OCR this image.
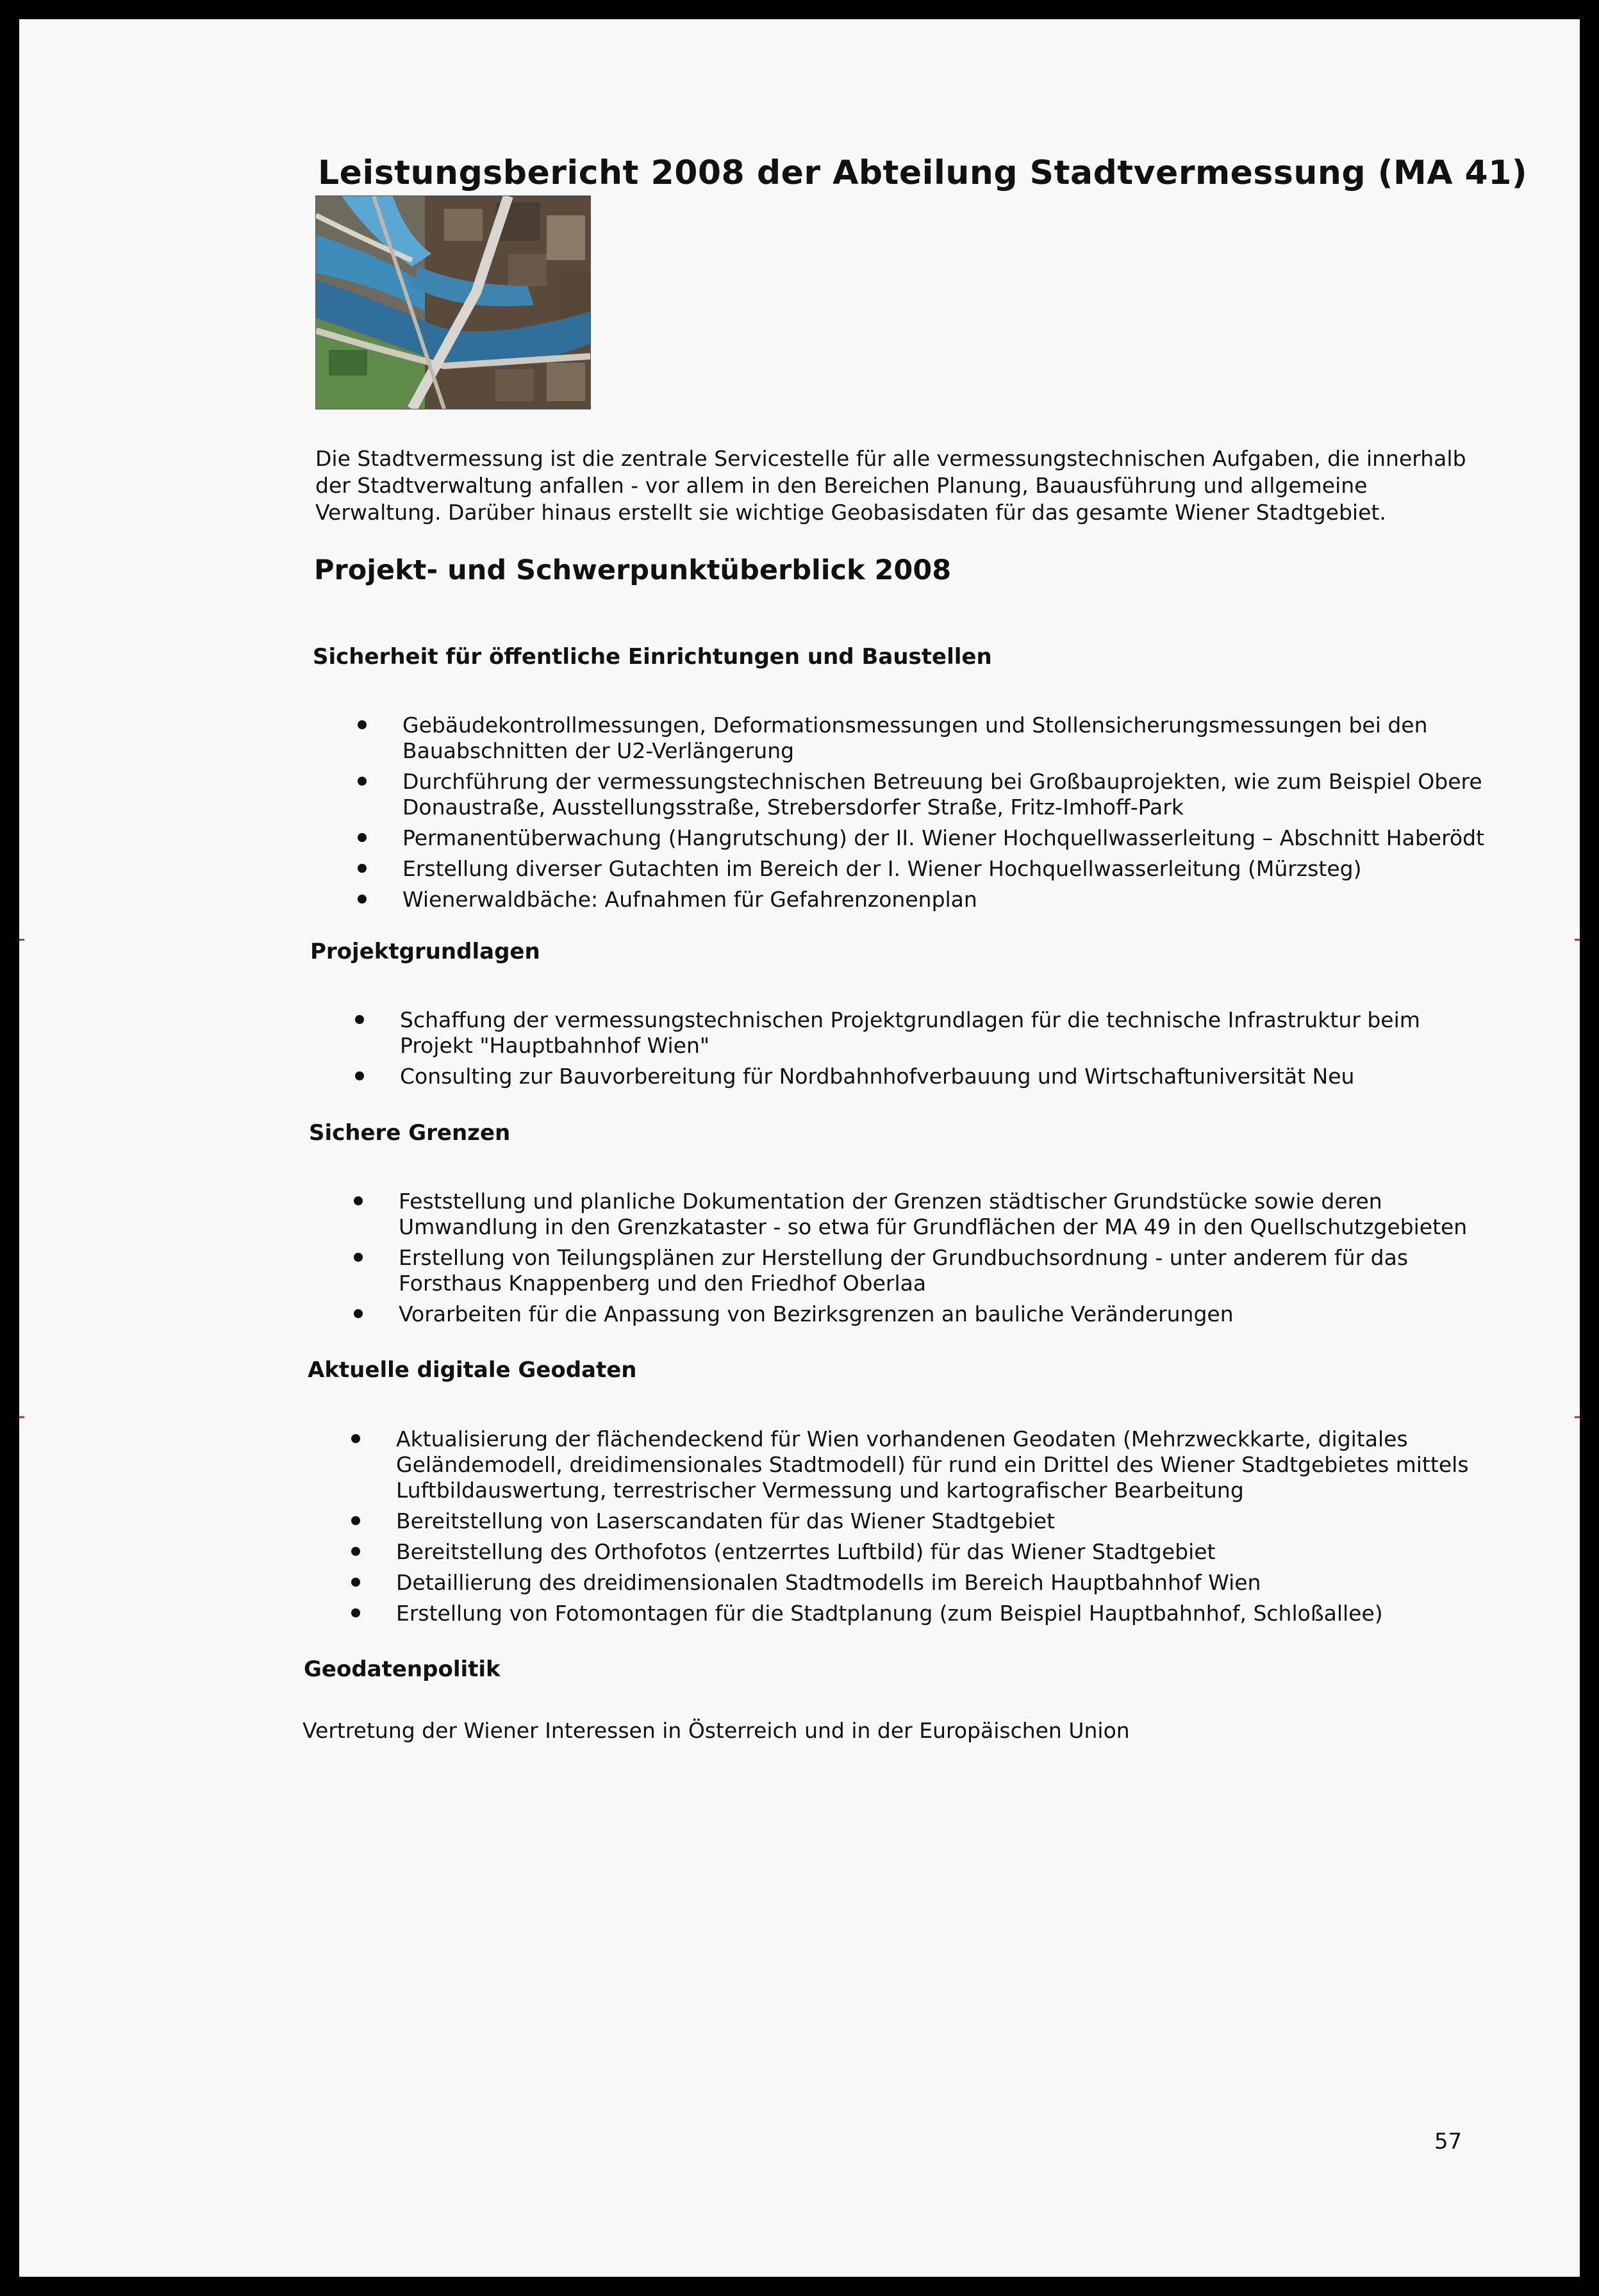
Leistungsbericht 2008 der Abteilung Stadtvermessung (MA 41)

Die Stadtvermessung ist die zentrale Servicestelle für alle vermessungstechnischen Aufgaben, die innerhalb der Stadtverwaltung anfallen - vor allem in den Bereichen Planung, Bauausführung und allgemeine Verwaltung. Darüber hinaus erstellt sie wichtige Geobasisdaten für das gesamte Wiener Stadtgebiet.

Projekt- und Schwerpunktüberblick 2008
Sicherheit für öffentliche Einrichtungen und Baustellen
Gebäudekontrollmessungen, Deformationsmessungen und Stollensicherungsmessungen bei den Bauabschnitten der U2-Verlängerung
Durchführung der vermessungstechnischen Betreuung bei Großbauprojekten, wie zum Beispiel Obere Donaustraße, Ausstellungsstraße, Strebersdorfer Straße, Fritz-Imhoff-Park
Permanentüberwachung (Hangrutschung) der II. Wiener Hochquellwasserleitung – Abschnitt Haberödt
Erstellung diverser Gutachten im Bereich der I. Wiener Hochquellwasserleitung (Mürzsteg)
Wienerwaldbäche: Aufnahmen für Gefahrenzonenplan
Projektgrundlagen
Schaffung der vermessungstechnischen Projektgrundlagen für die technische Infrastruktur beim Projekt "Hauptbahnhof Wien"
Consulting zur Bauvorbereitung für Nordbahnhofverbauung und Wirtschaftuniversität Neu
Sichere Grenzen
Feststellung und planliche Dokumentation der Grenzen städtischer Grundstücke sowie deren Umwandlung in den Grenzkataster - so etwa für Grundflächen der MA 49 in den Quellschutzgebieten
Erstellung von Teilungsplänen zur Herstellung der Grundbuchsordnung - unter anderem für das Forsthaus Knappenberg und den Friedhof Oberlaa
Vorarbeiten für die Anpassung von Bezirksgrenzen an bauliche Veränderungen
Aktuelle digitale Geodaten
Aktualisierung der flächendeckend für Wien vorhandenen Geodaten (Mehrzweckkarte, digitales Geländemodell, dreidimensionales Stadtmodell) für rund ein Drittel des Wiener Stadtgebietes mittels Luftbildauswertung, terrestrischer Vermessung und kartografischer Bearbeitung
Bereitstellung von Laserscandaten für das Wiener Stadtgebiet
Bereitstellung des Orthofotos (entzerrtes Luftbild) für das Wiener Stadtgebiet
Detaillierung des dreidimensionalen Stadtmodells im Bereich Hauptbahnhof Wien
Erstellung von Fotomontagen für die Stadtplanung (zum Beispiel Hauptbahnhof, Schloßallee)
Geodatenpolitik

Vertretung der Wiener Interessen in Österreich und in der Europäischen Union

57
